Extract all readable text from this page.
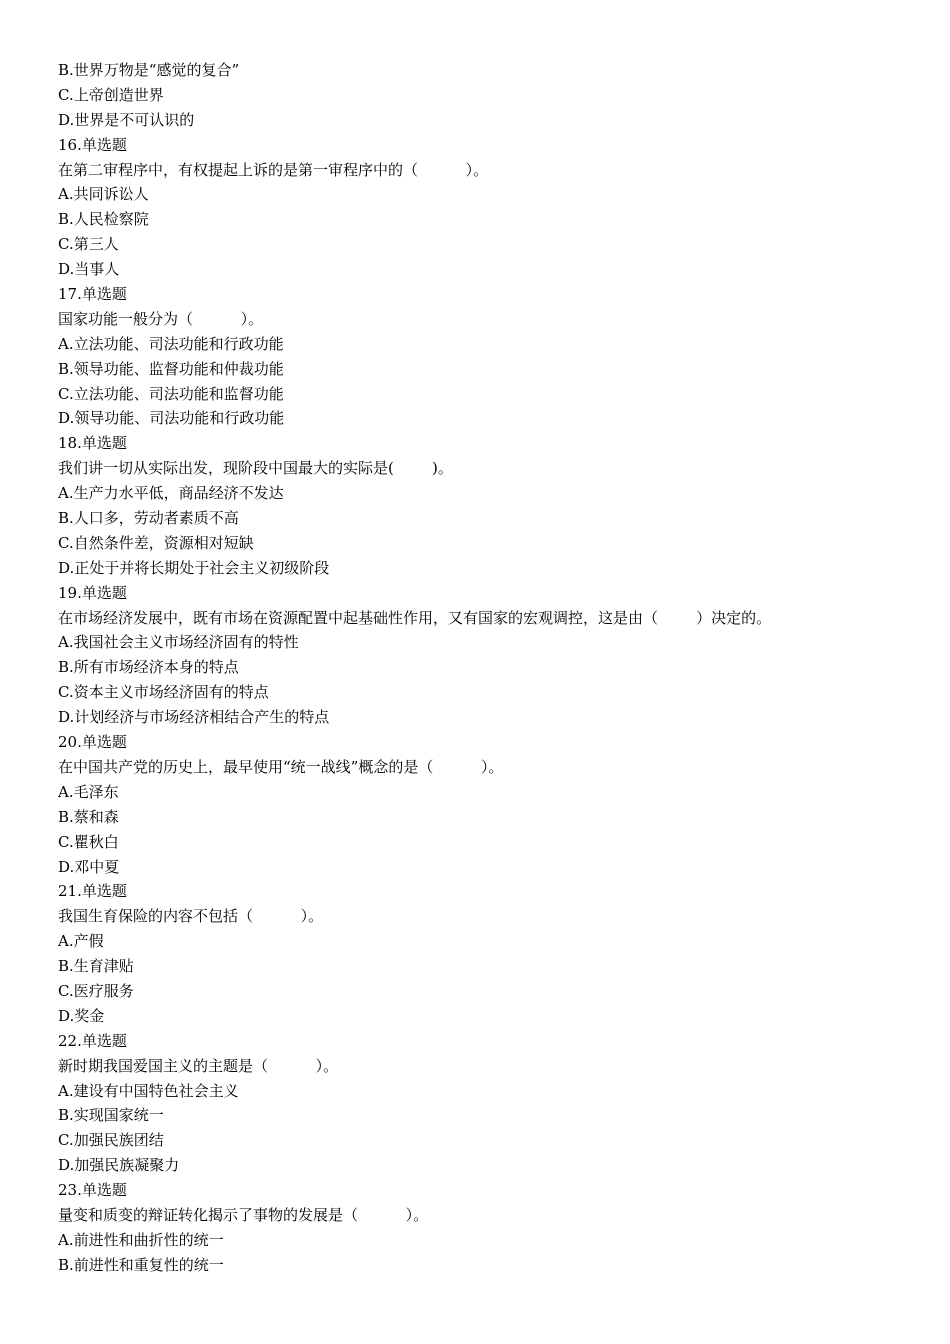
B.世界万物是“感觉的复合”
C.上帝创造世界
D.世界是不可认识的
16.单选题
在第二审程序中，有权提起上诉的是第一审程序中的（          ）。
A.共同诉讼人
B.人民检察院
C.第三人
D.当事人
17.单选题
国家功能一般分为（          ）。
A.立法功能、司法功能和行政功能
B.领导功能、监督功能和仲裁功能
C.立法功能、司法功能和监督功能
D.领导功能、司法功能和行政功能
18.单选题
我们讲一切从实际出发，现阶段中国最大的实际是(        )。
A.生产力水平低，商品经济不发达
B.人口多，劳动者素质不高
C.自然条件差，资源相对短缺
D.正处于并将长期处于社会主义初级阶段
19.单选题
在市场经济发展中，既有市场在资源配置中起基础性作用，又有国家的宏观调控，这是由（        ）决定的。
A.我国社会主义市场经济固有的特性
B.所有市场经济本身的特点
C.资本主义市场经济固有的特点
D.计划经济与市场经济相结合产生的特点
20.单选题
在中国共产党的历史上，最早使用“统一战线”概念的是（          ）。
A.毛泽东
B.蔡和森
C.瞿秋白
D.邓中夏
21.单选题
我国生育保险的内容不包括（          ）。
A.产假
B.生育津贴
C.医疗服务
D.奖金
22.单选题
新时期我国爱国主义的主题是（          ）。
A.建设有中国特色社会主义
B.实现国家统一
C.加强民族团结
D.加强民族凝聚力
23.单选题
量变和质变的辩证转化揭示了事物的发展是（          ）。
A.前进性和曲折性的统一
B.前进性和重复性的统一
